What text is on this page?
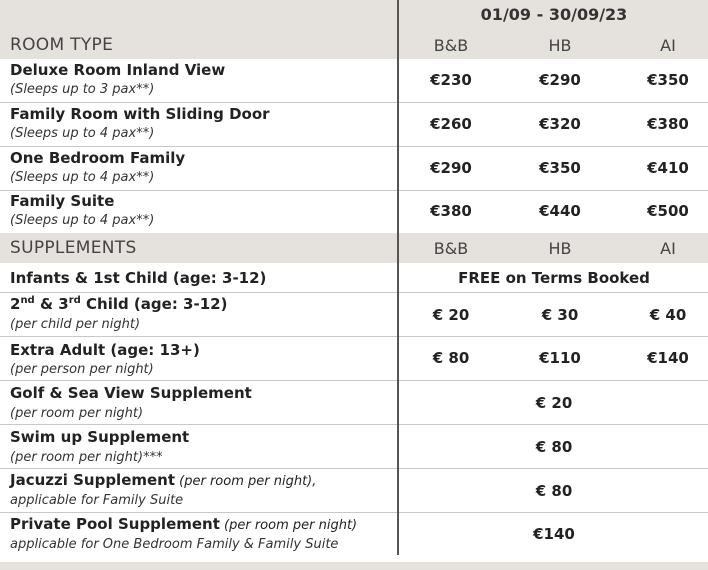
01/09 - 30/09/23
ROOM TYPE	B&B	HB	AI
Deluxe Room Inland View
(Sleeps up to 3 pax**)
€230	€290	€350
Family Room with Sliding Door
(Sleeps up to 4 pax**)
€260	€320	€380
One Bedroom Family
(Sleeps up to 4 pax**)
€290	€350	€410
Family Suite
(Sleeps up to 4 pax**)
€380	€440	€500
SUPPLEMENTS	B&B	HB	AI
Infants & 1st Child (age: 3-12)	FREE on Terms Booked
2nd & 3rd Child (age: 3-12)
(per child per night)
€ 20	€ 30	€ 40
Extra Adult (age: 13+)
(per person per night)
€ 80	€110	€140
Golf & Sea View Supplement
(per room per night)
€ 20
Swim up Supplement
(per room per night)***
€ 80
Jacuzzi Supplement (per room per night),
applicable for Family Suite
€ 80
Private Pool Supplement (per room per night)
applicable for One Bedroom Family & Family Suite
€140
